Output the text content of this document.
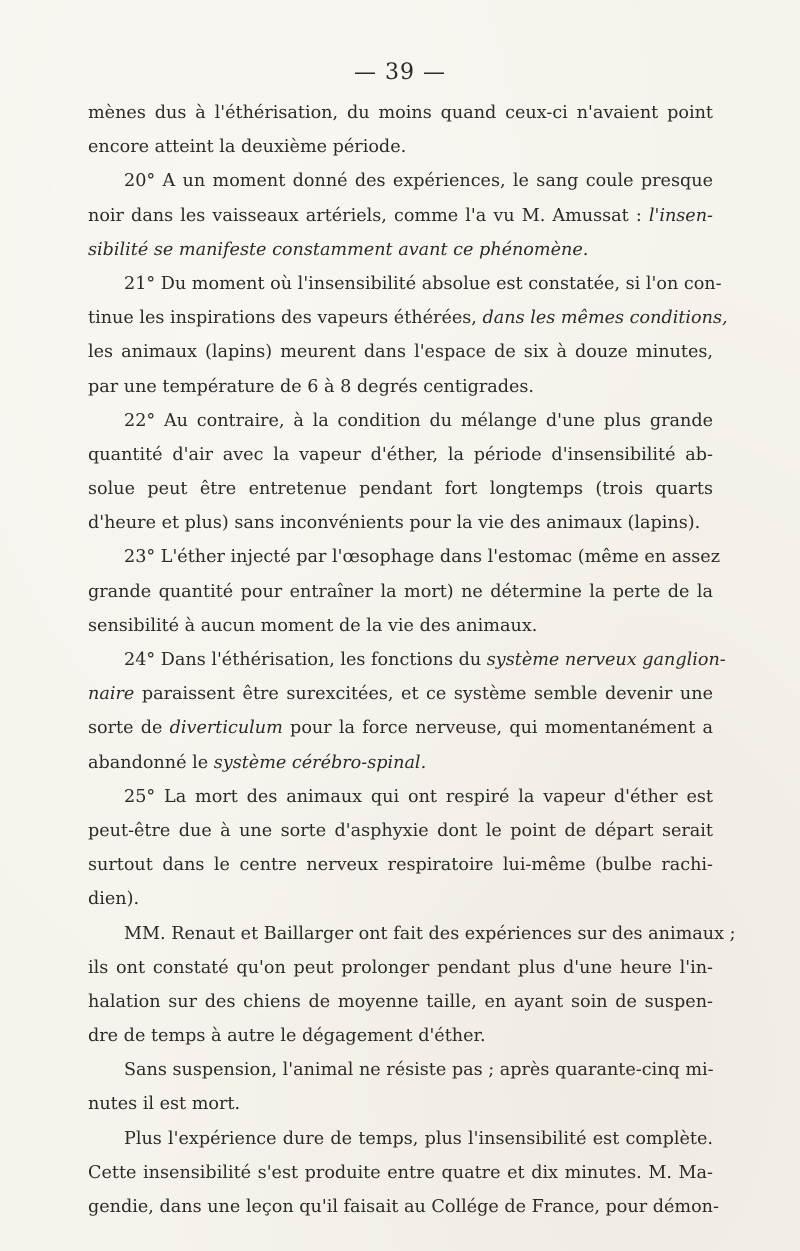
— 39 —
mènes dus à l'éthérisation, du moins quand ceux-ci n'avaient point
encore atteint la deuxième période.
20° A un moment donné des expériences, le sang coule presque
noir dans les vaisseaux artériels, comme l'a vu M. Amussat : l'insen-
sibilité se manifeste constamment avant ce phénomène.
21° Du moment où l'insensibilité absolue est constatée, si l'on con-
tinue les inspirations des vapeurs éthérées, dans les mêmes conditions,
les animaux (lapins) meurent dans l'espace de six à douze minutes,
par une température de 6 à 8 degrés centigrades.
22° Au contraire, à la condition du mélange d'une plus grande
quantité d'air avec la vapeur d'éther, la période d'insensibilité ab-
solue peut être entretenue pendant fort longtemps (trois quarts
d'heure et plus) sans inconvénients pour la vie des animaux (lapins).
23° L'éther injecté par l'œsophage dans l'estomac (même en assez
grande quantité pour entraîner la mort) ne détermine la perte de la
sensibilité à aucun moment de la vie des animaux.
24° Dans l'éthérisation, les fonctions du système nerveux ganglion-
naire paraissent être surexcitées, et ce système semble devenir une
sorte de diverticulum pour la force nerveuse, qui momentanément a
abandonné le système cérébro-spinal.
25° La mort des animaux qui ont respiré la vapeur d'éther est
peut-être due à une sorte d'asphyxie dont le point de départ serait
surtout dans le centre nerveux respiratoire lui-même (bulbe rachi-
dien).
MM. Renaut et Baillarger ont fait des expériences sur des animaux ;
ils ont constaté qu'on peut prolonger pendant plus d'une heure l'in-
halation sur des chiens de moyenne taille, en ayant soin de suspen-
dre de temps à autre le dégagement d'éther.
Sans suspension, l'animal ne résiste pas ; après quarante-cinq mi-
nutes il est mort.
Plus l'expérience dure de temps, plus l'insensibilité est complète.
Cette insensibilité s'est produite entre quatre et dix minutes. M. Ma-
gendie, dans une leçon qu'il faisait au Collége de France, pour démon-
